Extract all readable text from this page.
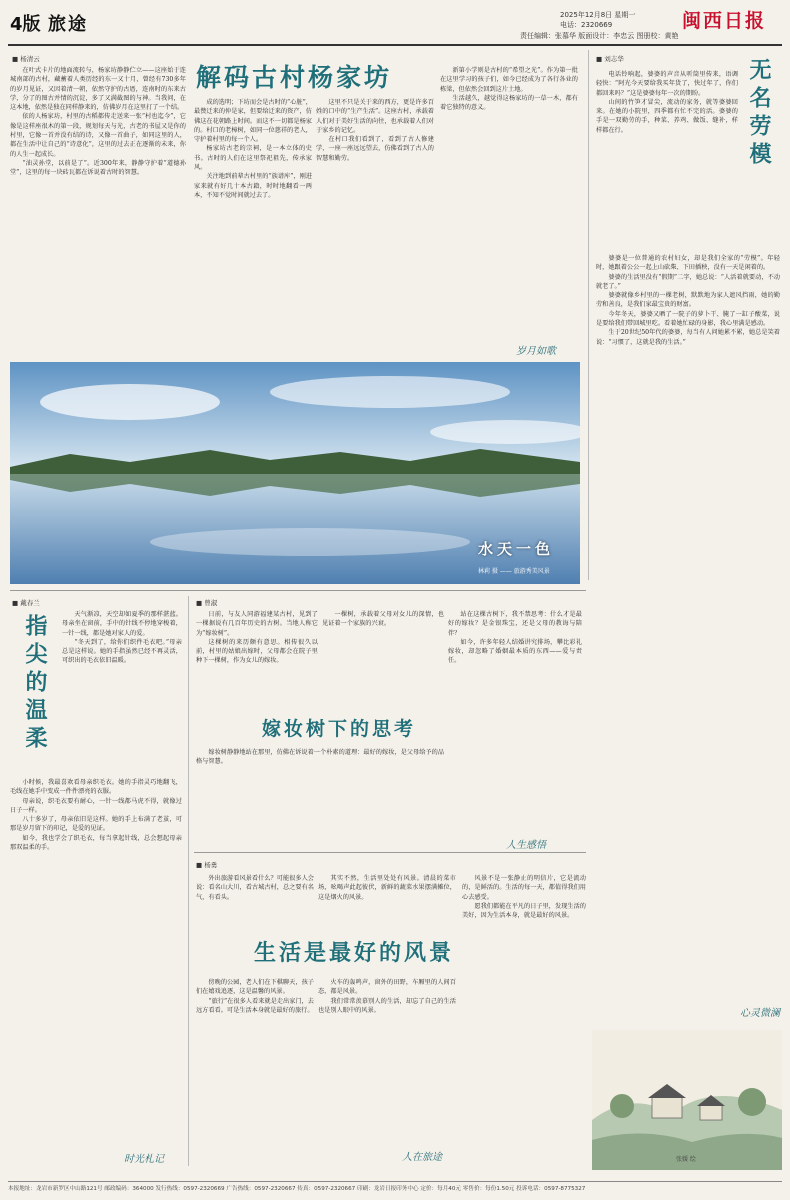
4版 旅途	2025年12月8日 星期一
电话：2320669
责任编辑：张慕华 版面设计：李忠云 图册校：黄艳
闽西日报
■ 杨清云
解码古村杨家坊

在叶式卡片的地面流转与，杨家坊静静伫立——这座始于连城南部的古村，藏蓄着人类历经的东一又十月，曾经有730多年的岁月见证，又因着清一朝，依然守护的古厝，连南时的东来古学，分了的图古并情的沉淀，多了又满截图的与神。当我问，在这本地，依然是独在同样静来的，仿佛岁月在这里打了一个结。

依的人杨家坊，村里的古稻都传走送来一张“村也迄今”，它像是这样座很木的第一段，规划每天与光，古老的书屋又是你的村里，它像一首并没有结的诗，又像一首曲子，如同这里的人，都在生活中让自己的“诗意化”，这里的过去正在逐渐的未来，你的人生一起成长。

“油灵孙堂，以前是了”。近300年来，静静守护着“道德孙堂”，这里的每一块砖瓦都在诉说着古时的智慧。

成的选明；下坊而会是古时的“心脏”，最赞迁来的仲是家，但要给迁来的资产，仿佛这在花朝路上时间。而这不一切都是杨家的。村口的老樟树，如同一位慈祥的老人，守护着村里的每一个人。

杨家坊古老的宗祠，是一本立体的史书。古时的人们在这里祭祀祖先，传承家风。

关注地到前辈古村里的“族谱库”，刚进家来就有好几十本古籍，时时地翻看一两本，不知不觉时间就过去了。

这里不只是关于来的西方，更是许多百姓的口中的“生产生活”。这座古村，承载着人们对于美好生活的向往，也承载着人们对于家乡的记忆。

在村口我们看到了，看到了古人修建学，一座一座远远望去，仿佛看到了古人的智慧和勤劳。

新第小学则是古村的“希望之光”。作为第一批在这里学习的孩子们，如今已经成为了各行各业的栋梁，但依然会回到这片土地。

生活越久，越觉得这杨家坊的一草一木，都有着它独特的意义。

岁月如歌
水天一色
林莉 摄 —— 旅游秀美风景
■ 刘志华	无名劳模

电话铃响起，婆婆的声音从听筒里传来，语调轻快：“阿光今天要给我买年货了，快过年了，你们都回来吗？”这是婆婆每年一次的期盼。

山间的竹笋才冒尖，流动的家务，就等婆婆回来。在她的小院里，四季都有忙不完的活。婆婆的手是一双勤劳的手，种菜、养鸡、做饭、缝补，样样都在行。

婆婆是一位普通的农村妇女，却是我们全家的“劳模”。年轻时，她跟着公公一起上山砍柴、下田插秧，没有一天是闲着的。

婆婆的生活里没有“假期”二字，她总说：“人活着就要动，不动就老了。”

婆婆就像乡村里的一棵老树，默默地为家人遮风挡雨，她的勤劳和善良，是我们家最宝贵的财富。

今年冬天，婆婆又晒了一院子的萝卜干、腌了一缸子酸菜，说是要给我们带回城里吃。看着她忙碌的身影，我心里满是感动。

生于20世纪50年代的婆婆，每当有人问她累不累，她总是笑着说：“习惯了，这就是我的生活。”

心灵微澜
■ 戴春兰
指尖的温柔	天气渐凉，天空却如夏季的那样湛蓝。母亲坐在窗前，手中的针线不停地穿梭着，一针一线，都是她对家人的爱。

“冬天到了，给你们织件毛衣吧。”母亲总是这样说。她的手指虽然已经不再灵活，可织出的毛衣依旧温暖。

小时候，我最喜欢看母亲织毛衣。她的手指灵巧地翻飞，毛线在她手中变成一件件漂亮的衣服。

母亲说，织毛衣要有耐心，一针一线都马虎不得，就像过日子一样。

八十多岁了，母亲依旧是这样。她的手上布满了老茧，可那是岁月留下的印记，是爱的见证。

如今，我也学会了织毛衣，每当拿起针线，总会想起母亲那双温柔的手。

时光札记
■ 曾淑
嫁妆树下的思考

日前，与友人同游福建某古村，见到了一棵据说有几百年历史的古树。当地人称它为“嫁妆树”。

这棵树的来历颇有意思。相传很久以前，村里的姑娘出嫁时，父母都会在院子里种下一棵树，作为女儿的嫁妆。

一棵树，承载着父母对女儿的深情，也见证着一个家族的兴衰。

站在这棵古树下，我不禁思考：什么才是最好的嫁妆？是金银珠宝，还是父母的教诲与陪伴？

如今，许多年轻人结婚讲究排场，攀比彩礼嫁妆，却忽略了婚姻最本质的东西——爱与责任。

嫁妆树静静地站在那里，仿佛在诉说着一个朴素的道理：最好的嫁妆，是父母给予的品格与智慧。

人生感悟
■ 杨勇
生活是最好的风景

外出旅游看风景看什么？可能很多人会说：看名山大川，看古城古村，总之要有名气，有看头。

其实不然，生活里处处有风景。清晨的菜市场，吆喝声此起彼伏，新鲜的蔬菜水果摆满摊位，这是烟火的风景。

傍晚的公园，老人们在下棋聊天，孩子们在嬉戏追逐，这是温馨的风景。

“旅行”在很多人看来就是走出家门，去远方看看。可是生活本身就是最好的旅行。

火车的轰鸣声，窗外的田野，车厢里的人间百态，都是风景。

我们常常羡慕别人的生活，却忘了自己的生活也是别人眼中的风景。

风景不是一张静止的明信片，它是流动的，是鲜活的。生活的每一天，都值得我们用心去感受。

愿我们都能在平凡的日子里，发现生活的美好，因为生活本身，就是最好的风景。

人在旅途	张媛 绘
本报地址：龙岩市新罗区中山路121号 邮政编码：364000 发行热线：0597-2320669 广告热线：0597-2320667 传真：0597-2320667 印刷：龙岩日报印务中心 定价：每月40元 零售价：每份1.50元 投诉电话：0597-8775327
